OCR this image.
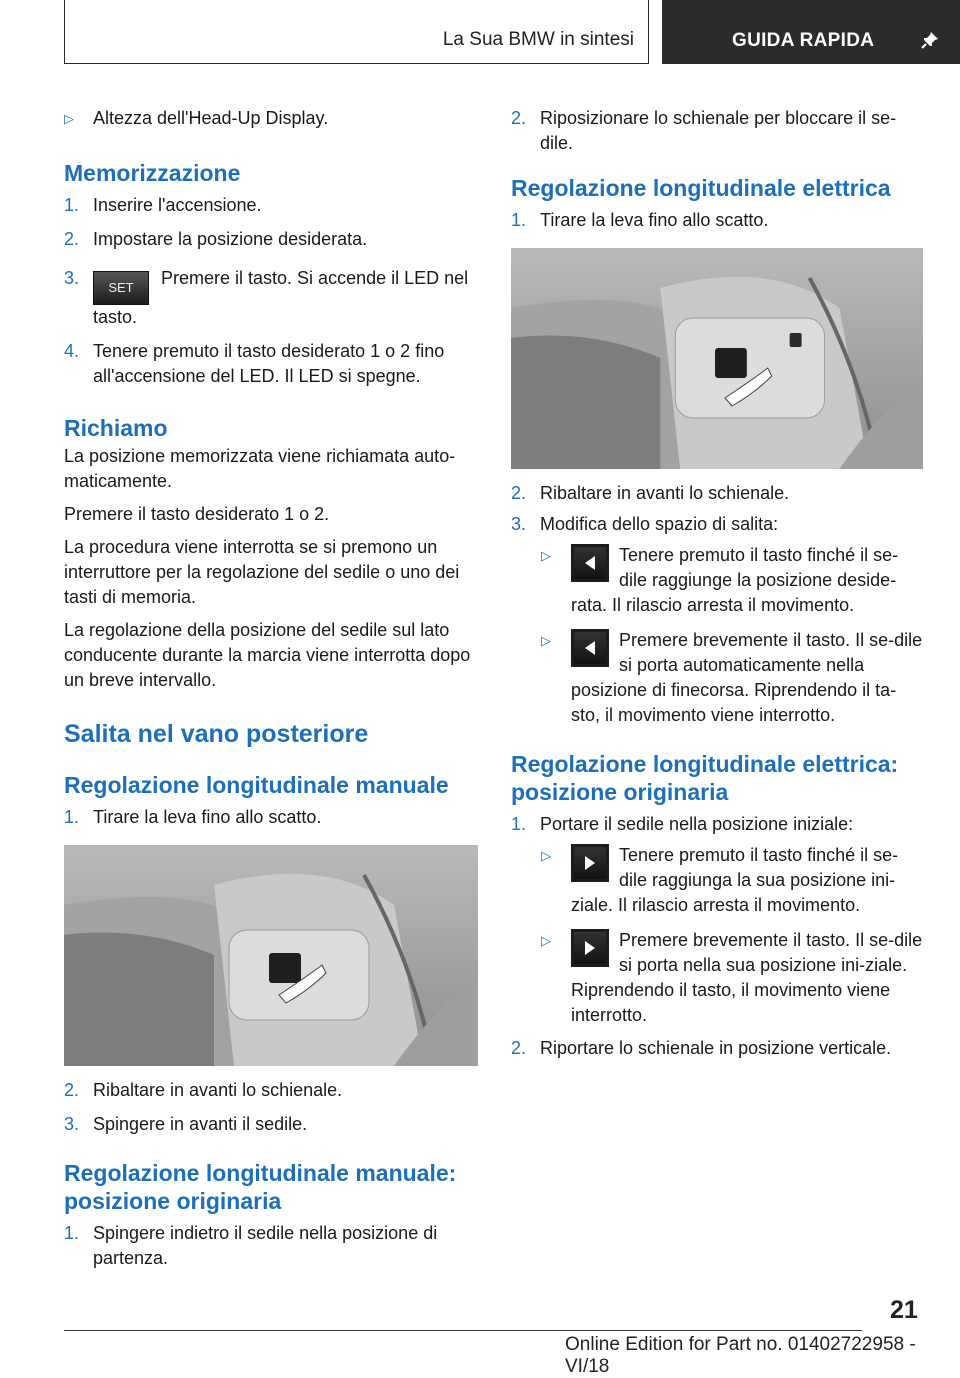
La Sua BMW in sintesi	GUIDA RAPIDA
▷ Altezza dell'Head-Up Display.
Memorizzazione
1. Inserire l'accensione.
2. Impostare la posizione desiderata.
3. SET Premere il tasto. Si accende il LED nel tasto.
4. Tenere premuto il tasto desiderato 1 o 2 fino all'accensione del LED. Il LED si spegne.
Richiamo

La posizione memorizzata viene richiamata auto-maticamente.

Premere il tasto desiderato 1 o 2.

La procedura viene interrotta se si premono un interruttore per la regolazione del sedile o uno dei tasti di memoria.

La regolazione della posizione del sedile sul lato conducente durante la marcia viene interrotta dopo un breve intervallo.

Salita nel vano posteriore
Regolazione longitudinale manuale
1. Tirare la leva fino allo scatto.
2. Ribaltare in avanti lo schienale.
3. Spingere in avanti il sedile.
Regolazione longitudinale manuale: posizione originaria
1. Spingere indietro il sedile nella posizione di partenza.
2. Riposizionare lo schienale per bloccare il se-dile.
Regolazione longitudinale elettrica
1. Tirare la leva fino allo scatto.
2. Ribaltare in avanti lo schienale.
3. Modifica dello spazio di salita:
▷	Tenere premuto il tasto finché il se-dile raggiunge la posizione deside-rata. Il rilascio arresta il movimento.
▷	Premere brevemente il tasto. Il se-dile si porta automaticamente nella posizione di finecorsa. Riprendendo il ta-sto, il movimento viene interrotto.
Regolazione longitudinale elettrica: posizione originaria
1. Portare il sedile nella posizione iniziale:
▷	Tenere premuto il tasto finché il se-dile raggiunga la sua posizione ini-ziale. Il rilascio arresta il movimento.
▷	Premere brevemente il tasto. Il se-dile si porta nella sua posizione ini-ziale. Riprendendo il tasto, il movimento viene interrotto.
2. Riportare lo schienale in posizione verticale.
21
Online Edition for Part no. 01402722958 - VI/18
